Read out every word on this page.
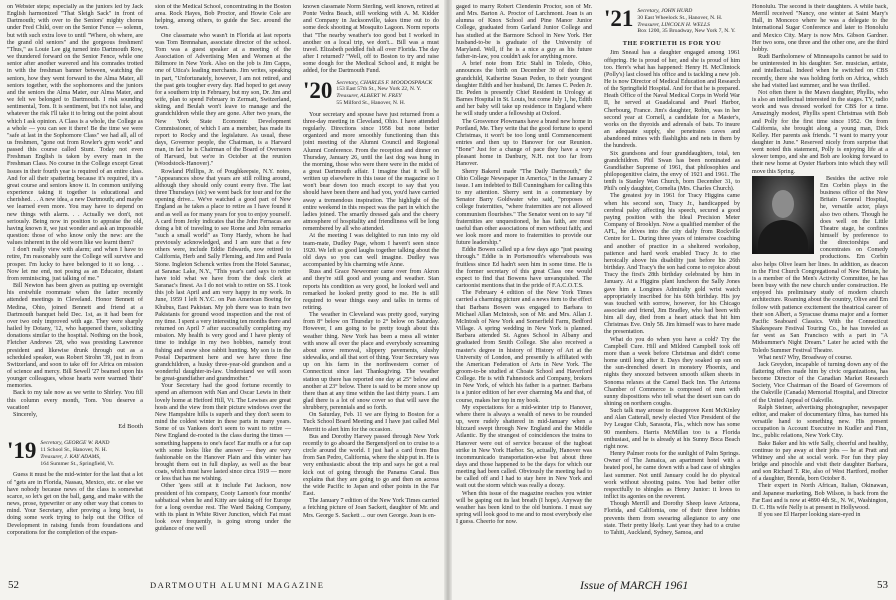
on Webster steps; especially as the juniors led by Jack English harmonized "That Sleigh Sack" in front of Dartmouth; with over to the Seniors' mighty chorus under Fred Child, over on the Senior Fence — solemn, but with such extra love to until "Where, oh where, are the grand old seniors" and the gorgeous freshmen! "Thus," as Louie Lee gig turned into Dartmouth Row, we thundered forward on the Senior Fence, while one senior after another wavered and his comrades trotted in with the freshman banner between, watching the seniors, how they went forward to the Alma Mater, all seniors together, with the sophomores and the juniors and the seniors the Alma Mater, our Alma Mater, and we felt we belonged to Dartmouth. I risk sounding sentimental, Tom. It is sentiment, but it's not false, and whatever the risk I'll take it to bring out the point about which I ask opinion. A Class is a whole, the College as a whole — you can see it there! Be the time we were "safe at last in the Sophomore Class" we had all, all of us freshmen, "gone out from Rowler's gym work" and passed this course called Stunt. Today not even Freshman English is taken by every man in the Freshman Class. No course in the College except Great Issues in their fourth year is required of an entire class. And for all their spattering because it's required, it's a great course and seniors know it. In common unifying experience taking it together is educational and cherished. . . A new idea, a new Dartmouth; and maybe we learned even more. You may have to depend on new things with alarm. . . Actually we don't, not seriously. Being now in position to appraise the old, having known it, we just wonder and ask an impossible question: those of who know only the new: are the values inherent in the old worn like we learnt them?

I don't really view with alarm; and when I have to retire, I'm reasonably sure the College will survive and prosper. I'm lucky to have belonged to it so long. . . Now let me end, not posing as an Educator, distant from reminiscing, just talking of me."

Bill Newton has been given as putting up overnight his erstwhile roommate when the latter recently attended meetings in Cleveland. Honor Bennett of Medina, Ohio, joined Bennett and friend at a Dartmouth banquet held Dec. 1st, as it had been for over two only improved with age. They were sharply hailed by Dotany, '12, who happened there, soliciting donations similar to the hospital. Nothing on the book, Fletcher Andrews '28, who was presiding Lawrence president and likewise drunk through out as a scheduled speaker, was Robert Strohn '39, just in from Switzerland, and soon to take off for Africa on mission of science and mercy. Bill Sewell '27 beamed upon his younger colleagues, whose hearts were warmed 'their' memories.

Back to my tale now as we write to Shirley. You fill this column every month, Tom. You deserve a vacation!

Sincerely,

Ed Booth
'19 Secretary, GEORGE W. RAND
11 School St., Hanover, N. H.
Treasurer, J. KAY ADAMS,
164 Summer St., Springfield, Vt.

Guess it must be the mid-winter for the last that a lot of "gets are in Florida, Nassau, Mexico, etc. or else we have nobody because news of the class is somewhat scarce, so let's get on the ball, gang, and make with the news, prose, typewriter or any other way that comes to mind. Your Secretary, after proving a long bout, is doing some work trying to help out the Office of Development in raising funds from foundations and corporations for the completion of the expan-

sion of the Medical School, concentrating in the Boston area. Rock Hayes, Bob Proctor, and Howie Cole are helping, among others, to guide the Sec. around the town.

One classmate who wasn't in Florida at last reports was Tom Brennahan, associate director of the school. Tom was a guest speaker at a meeting of the Association of Advertising Men and Women at the Biltmore in New York. Also on the job is Jim Capps, one of Utica's leading merchants. Jim writes, speaking in part, "Unfortunately, however, I am not retired, and the past gets tougher every day. Had hoped to get away for a southern trip in February, but my son, Dr. Jim and wife, plan to spend February in Zermatt, Switzerland, skiing, and Beulah won't leave to manage and the grandchildren while they are gone. After two years, the New York State Economic Development Commissioner, of which I am a member, has made its report to Rocky and the legislature. As usual, these days, Governor people, the Chairman, is a Harvard man, in fact he is Chairman of the Board of Overseers of Harvard, but we're in October at the reunion (Woodstock-Hanover)."

Rowland Phillips, Jr. of Poughkeepsie, N.Y. notes, "Appearances show that years are still rolling around, although they should only count every five. The last three Thursdays (sic) we went back for tour and for the opening drive... We've watched a good part of New England as he takes a place to retire as I have found it and as well as for many years for you to enjoy yourself. A card from Jerky indicates that the John Fernacas are doing a bit of traveling to see Rome and John remarks "such a small world" as Tony Hardy, whom he had previously acknowledged, and I am sure that a few others were, include Eddie Edwards, now retired to California, Herb and Sally Fleming, and Jim and Paula Stone. Ingleton Schenck writes from the Hotel Saranac, at Saranac Lake, N.Y., "This year's card says to retire have told what we have from the desk clerk at Saranac's finest. As I do not wish to retire on SS. I took this job last April and am very happy in my work. In June, 1959 I left N.Y.C. on Pan American Boeing for Khubus, East Pakistan. My job there was to train two Pakistanis for ground wood inspection and the rest of my time. I spent a very interesting ten months there and returned on April 7 after successfully completing my mission. My health is very good and I have plenty of time to indulge in my two hobbies, namely trout fishing and snow shoe rabbit hunting. My son is in the Postal Department here and we have three fine grandchildren, a husky three-year-old grandson and a wonderful daughter-in-law. Understand we will soon be great-grandfather and grandmother."

Your Secretary had the good fortune recently to spend an afternoon with Nan and Oscar Lewis in their lovely home at Hetford Hill, Vt. The Lewises are great hosts and the view from their picture windows over the New Hampshire hills is superb and they don't seem to mind the coldest winter in these parts in many years. Some of us Yankees don't seem to want to retire — New England de-rooted is the class during the times — something happens to one's face! Ear muffs or a fur cap with some looks like the answer — they are very fashionable on the Hanover Plain and this winter has brought them out in full display, as well as the bear coats, which must have lasted since circa 1919 — more or less that has me wishing.

Other 'gees still at it include Fat Jackson, now president of his company, Cooty Lamon's four months' sabbatical when he and Kitty are taking off for Europe for a long overdue rest. The Ward Baking Company, with its plant in White River Junction, which Fat must look over frequently, is going strong under the guidance of one well

known classmate Norm Sterling, well known, retired at Ponte Vedra Beach, still working with A. M. Kidder and Company in Jacksonville, takes time out to do some deck shooting at Mosquito Lagoon. Norm reports that "The nearby weather's too good but I worked in another on a local trip, we don't... Bill was a must travel. Elizabeth peddled fish all over Florida. The day after I returned? "Well, off to Boston to try and raise some dough for the Medical School and, it might be added, for the Dartmouth Fund.

'20 Secretary, CHARLES F. MOODOSPRACK
153 East 57th St., New York 22, N. Y.
Treasurer, ALBERT W. FREY
55 Milford St., Hanover, N. H.

Your secretary and spouse have just returned from a three-day meeting in Cleveland, Ohio. I have attended regularly. Directions since 1958 but none better organized and more smoothly functioning than this joint meeting of the Alumni Council and Regional Alumni Conference. From the reception and dinner on Thursday, January 26, until the last dog was hung in the morning, those who were there were in the midst of a great Dartmouth affair. I imagine that it will be written up elsewhere in this issue of the magazine so I won't bear down too much except to say that you should have been there and had you, you'd have carried away a tremendous inspiration. The highlight of the entire weekend in this respect was the part in which the ladies joined. The smartly dressed gals and the cheery atmosphere of hospitality and friendliness will be long remembered by all who attended.

At the meeting I was delighted to run into my old team-mate, Dudley Page, whom I haven't seen since 1920. We left so good laughs together talking about the old days so you can well imagine. Dudley was accompanied by his charming wife Anne.

Russ and Grace Neweomer came over from Akron and they're still good and young and weather. Stan reports his condition as very good, he looked well and remarked he looked pretty good to me. He is still required to wear things easy and talks in terms of retiring.

The weather in Cleveland was pretty good, varying from 8° below on Thursday to 2° below on Saturday. However, I am going to be pretty tough about this weather thing. New York has been a mess all winter with snow all over the place and everybody screaming about snow removal, slippery pavements, slushy sidewalks, and all that sort of thing. Your Secretary was up on his farm in the northwestern corner of Connecticut since last Thanksgiving. The weather station up there has reported one day at 25° below and another at 23° below. There is said to be more snow up there than at any time within the last thirty years. I am glad there is a lot of snow cover so that will save the shrubbery, perennials and so forth.

On Saturday, Feb. 11 we are flying to Boston for a Tuck School Board Meeting and I have just called Mel Merritt to alert him for the occasion.

Bus and Dorothy Harvey passed through New York recently to go aboard the Bergensfjord on to cruise to a circle around the world. I just had a card from Bus from San Pedro, California, where the ship put in. He is very enthusiastic about the trip and says he got a real kick out of going through the Panama Canal. Bus explains that they are going to go and then on across the wide Pacific to Japan and other points in the Far East.

The January 7 edition of the New York Times carried a fetching picture of Joan Sackett, daughter of Mr. and Mrs. George S. Sackett ... our own George. Joan is en-

52	DARTMOUTH ALUMNI MAGAZINE

gaged to marry Robert Clendenin Proctor, son of Mr. and Mrs. Barton A. Proctor of Larchmont. Joan is an alumna of Knox School and Pine Manor Junior College, graduated from Garland Junior College and has studied at the Barmore School in New York. Her husband-to-be is graduate of the University of Maryland. Well, if he is a nice a guy as his future father-in-law, you couldn't ask for anything more.

A brief note from Eric Stahl in Toledo, Ohio, announces the birth on December 30 of their first grandchild, Katherine Susan Peden, to their youngest daughter Edith and her husband, Dr. James C. Peden Jr. Dr. Peden is presently Chief Resident in Urology at Barnes Hospital in St. Louis, but come July 1, he, Edith and her baby will take up residence in England where he will study under a fellowship at Oxford.

The Grosvenor Plowmans have a brand new home in Portland, Me. They write that the good fortune to spend Christmas, it won't be too long until Commencement entries and then up to Hanover for our Reunion. "Bone" Just for a change of pace they have a very pleasant home in Danbury, N.H. not too far from Hanover.

Sherry Bakerel made "The Daily Dartmouth," the Ohio College Newspaper in America," in the January 2 issue. I am indebted to Bill Cunningham for calling this to my attention. Sherry sent in a commentary by Senator Barry Goldwater who said, "proposes of college fraternities, "where fraternities are not allowed communism flourishes." The Senator went on to say "if fraternities are unquestioned, he has faith, are most useful than other associations of men without faith; and we look more and more to fraternities to provide our future leadership."

Eddie Bowen called up a few days ago "just passing through." Eddie is in Portsmouth's whereabouts was fruitless since Ed hadn't seen him in some time. He is the former secretary of this great Class one would expect to find that Bowens have unvanquished. The cartoonist mentions that in the pride of F.A.C.O.T.S.

The February 4 edition of the New York Times carried a charming picture and a news item to the effect that Barbara Bowen was engaged to Barbara to Michael Allan McIntosh, son of Mr. and Mrs. Allan J. McIntosh of New York and Somerfield Farm, Bedford Village. A spring wedding in New York is planned. Barbara attended St. Agnes School in Albany and graduated from Smith College. She also received a master's degree in history of History of Art at the University of London, and presently is affiliated with the American Federation of Arts in New York. The groom-to-be studied at Choate School and Haverford College. He is with Fahnestock and Company, brokers in New York, of which his father is a partner. Barbara is a junior edition of her ever charming Ma and that, of course, makes her top in my book.

My expectations for a mid-winter trip to Hanover, where there is always a wealth of news to be rounded up, were rudely shattered in mid-January when a blizzard swept through New England and the Middle Atlantic. By the strangest of coincidences the trains to Hanover were out of service because of the tugboat strike in New York Harbor. So, actually, Hanover was incommunicado transportation-wise but about three days and those happened to be the days for which our meeting had been called. Obviously the meeting had to be called off and I had to stay here in New York and wait out the storm which was really a doozy.

When this issue of the magazine reaches you winter will be gaping out its last breath (I hope). Anyway the weather has been kind to the old bunions. I must say spring will look good to me and to most everybody else I guess. Cheerio for now.

'21 Secretary, JOHN HURD
30 East Wheelock St., Hanover, N. H.
Treasurer, LINCOLN H. WELLS
Box 1200, 35 Broadway, New York 7, N. Y.
THE FORTIETH IS FOR YOU

Jim Sneaul has a daughter engaged among 1961 offspring. He is proud of her, and she is proud of him too. Here's what has happened: Henry H. McClintock (Polly's) last closed his office and is tackling a new job. He is now Director of Medical Education and Research of the Springfield Hospital. And for that he is prepared. Heath Office of the Naval Medical Corps in World War II, he served at Guadalcanal and Pearl Harbor, Cherbourg, France. Jim's daughter, Robin, was in her second year at Cornell, a candidate for a Master's, works on the thyroids and adrenals of bats. To insure an adequate supply, she penetrates caves and abandoned mines with flashlights and nets in them by the hundreds.

Six grandsons and four granddaughters, total, ten grandchildren. Phil Swan has been nominated as Grandfather Supreme of 1961, that philosophies and philopogenitive claim, the envy of 1921 and 1961. The tenth is Stanley Wan Church, born December 31, to Phil's only daughter, Cornelia (Mrs. Charles Church).

The greatest joy in 1961 for Tracy Higgins came when his second son, Tracy Jr., handicapped by cerebral palsy affecting his speech, secured a good paying position with the Ideal Precision Meter Company of Brooklyn. Now a qualified member of the AFL, he drives into the city daily from Rockville Centre for L. During three years of intensive coaching and another of practice in a sheltered workshop, patience and hard work enabled Tracy Jr. to rise heroically above his disability just before his 26th birthday. And Tracy's the son had come to rejoice about Tracy the first's 28th birthday celebrated by him in January. At a Higgins plant luncheon the Sally Jones gave him a Longines Admiralty gold wrist watch appropriately inscribed for his 60th birthday. His joy was touched with sorrow, however, for his Chicago associate and friend, Jim Bradley, who had been with him all day, died from a heart attack that hit him Christmas Eve. Only 58. Jim himself was to have made the presentation.

What do you do when you have a cold? Try the Campbell Cure. Hill and Mildred Campbell took off more than a week before Christmas and didn't come home until long after it. Days they soaked up sun on the sun-drenched desert in monstery Phoenix, and nights they snoozed between smooth silken sheets in Sonoma relaxes at the Camel Back Inn. The Arizona Chamber of Commerce is composed of men with sunny dispositions who tell what the desert sun can do shining on northern coughs.

Such talk may arouse to disapprove Kent McKinley and Alan Catterall, newly elected Vice President of the Ivy League Club, Sarasota, Fla., which now has some 90 members. Harris McMillan too is a Florida enthusiast, and he is already at his Sunny Boca Beach right now.

Henry Palmer roots for the sunlight of Palm Springs. Owner of The Jamaica, an apartment hotel with a heated pool, he came down with a bad case of shingles last summer. Not until January could he do physical work without shooting pains. You had better offer respectfully to shingles as Henry Junior: it loves to inflict its agonies on the reverent.

Though Merrill and Dorothy Sheep leave Arizona, Florida, and California, one of their three hobbies prevents them from swearing allegiance to any one state. Their pretty likely. Last year they had to a cruise to Tahiti, Auckland, Sydney, Samoa, and

Honolulu. The second is their daughters. A while back, Merrill received "Nancy, one winter at Saint Mary's Hall, in Monceco where he was a delegate to the International Sugar Conference and later to Honolulu and Mexico City. Mary is now Mrs. Gibson Gardner. Her two sons, one three and the other one, are the third hobby.

Rudi Bartholomew of Minneapolis cannot be said to be uninterested in his daughter. Ser. musician, artiste, and intellectual. Indeed when he switched on CBS recently, there she was holding forth on Africa, which she had visited last summer, and he was thrilled.

Not often there is the Mawn daughter, Phyllis, who is also an intellectual interested in the stages. TV, radio work and was dressed worked for CBS for a time. Amazingly modest, Phyllis spent Christmas with Bob and Polly for the first time since 1952. On from California, she brought along a young man, Dick Kelley. Her parents ask friends. "I want to marry your daughter in June." Reserved nicely from surprise that went noted this statement, Polly is enjoying life at a slower tempo, and she and Bob are looking forward to their new home at Oyster Harbors into which they will move this Spring.

Besides the active role Em Corbin plays in the business office of the New Britain General Hospital, he, versatile actor, plays also two others. Though he does well on the Little Theatre stage, he confines himself by preference to the directorships and concentrates on Comedy productions. Em Corbin also helps Olive learn her lines. In addition, as deacon in the First Church Congregational of New Britain, he is a member of the Men's Activity Committee, he has been busy with the new church under construction. He enjoyed his preliminary study of modern church architecture. Roaming about the country, Olive and Em follow with patience excitement the theatrical career of their son Albert, a Syracuse drama major and a former Pacific Seaboard Classics. With the Connecticut Shakespeare Festival Touring Co., he has traveled as far west as San Francisco with a part in "A Midsummer's Night Dream." Later he acted with the Toledo Summer Festival Theatre.

What next? Why, Broadway of course.

Jack Greydon, incapable of turning down any of the flattering offers made him by civic organizations, has become Director of the Canadian Market Research Society, Vice Chairman of the Board of Governors of the Oakville (Canada) Memorial Hospital, and Director of the United Appeal of Oakville.

Ralph Steiner, advertising photographer, newspaper editor, and maker of documentary films, has turned his versatile hand to something new. His present occupation is Account Executive in Kudler and Finn, Inc., public relations, New York City.

Bake Baker and his wife Sally, cheerful and healthy, continue to pay away at their jobs — he at Pratt and Whitney and she at social work. For fun they play bridge and pinochle and visit their daughter Barbara, and son Richard T. Rie, also of West Hartford, mother of a daughter, Brenda, born October 8.

Their expert in North African, Italian, Okinawan, and Japanese marketing, Bob Wilson, is back from the Far East and is now at 4890 4th St., N. W., Washington, D. C. His wife Nelly is at present in Hollywood.

If you see El Harper looking stare-eyed in

Issue of MARCH 1961	53
